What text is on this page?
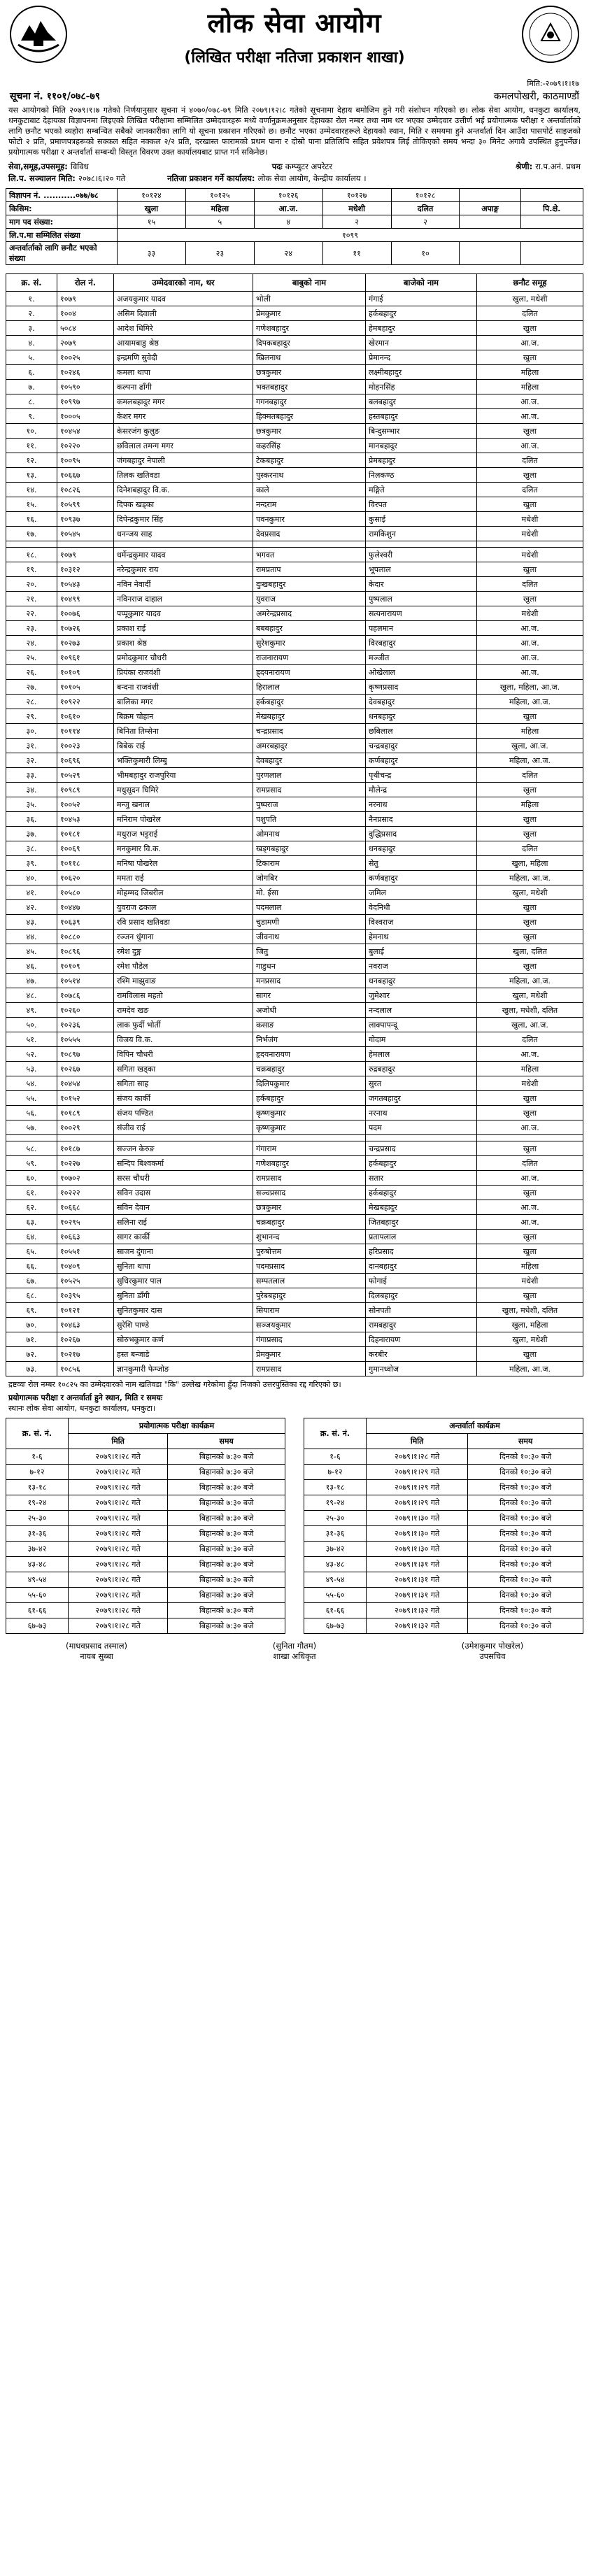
लोक सेवा आयोग
(लिखित परीक्षा नतिजा प्रकाशन शाखा)
मिति:-२०७९।१।१७
सूचना नं. ११०१/०७८-७९	कमलपोखरी, काठमाण्डौं
यस आयोगको मिति २०७९।१।७ गतेको निर्णयानुसार सूचना नं ४०७०/०७८-७९ मिति २०७९।१२।८ गतेको सूचनामा देहाय बमोजिम हुने गरी संशोधन गरिएको छ। लोक सेवा आयोग, धनकुटा कार्यालय, धनकुटाबाट देहायका विज्ञापनमा लिइएको लिखित परीक्षामा सम्मिलित उम्मेदवारहरू मध्ये वर्णानुक्रमअनुसार देहायका रोल नम्बर तथा नाम थर भएका उम्मेदवार उत्तीर्ण भई प्रयोगात्मक परीक्षा र अन्तर्वार्ताको लागि छनौट भएको व्यहोरा सम्बन्धित सबैको जानकारीका लागि यो सूचना प्रकाशन गरिएको छ। छनौट भएका उम्मेदवारहरूले देहायको स्थान, मिति र समयमा हुने अन्तर्वार्ता दिन आउँदा पासपोर्ट साइजको फोटो २ प्रति, प्रमाणपत्रहरूको सक्कल सहित नक्कल २/२ प्रति, दरखास्त फारामको प्रथम पाना र दोस्रो पाना प्रतिलिपि सहित प्रवेशपत्र लिई तोकिएको समय भन्दा ३० मिनेट अगावै उपस्थित हुनुपर्नेछ। प्रयोगात्मक परीक्षा र अन्तर्वार्ता सम्बन्धी विस्तृत विवरण उक्त कार्यालयबाट प्राप्त गर्न सकिनेछ।
सेवा,समूह,उपसमूह: विविध	पदः कम्प्युटर अपरेटर	श्रेणी: रा.प.अनं. प्रथम
लि.प. सञ्चालन मिति: २०७८।६।२० गते	नतिजा प्रकाशन गर्ने कार्यालय: लोक सेवा आयोग, केन्द्रीय कार्यालय ।
विज्ञापन नं. ...........०७७/७८	१०१२४	१०१२५	१०१२६	१०१२७	१०१२८		
किसिम:	खुला	महिला	आ.ज.	मधेशी	दलित	अपाङ्ग	पि.क्षे.
माग पद संख्या:	१५	५	४	२	२		
लि.प.मा सम्मिलित संख्या	१०९९						
अन्तर्वार्ताको लागि छनौट भएको संख्या	३३	२३	२४	११	१०		
क्र. सं.	रोल नं.	उम्मेदवारको नाम, थर	बाबुको नाम	बाजेको नाम	छनौट समूह
१.	१०७९	अजयकुमार यादव	भोली	गंगाई	खुला, मधेशी
२.	१००४	असिम दिवाली	प्रेमकुमार	हर्कबहादुर	दलित
३.	५०८४	आदेश धिमिरे	गणेशबहादुर	हेमबहादुर	खुला
४.	२०७९	आयामबाडु श्रेष्ठ	दिपकबहादुर	खेरमान	आ.ज.
५.	१००२५	इन्द्रमणि सुवेदी	खिलनाथ	प्रेमानन्द	खुला
६.	१०२४६	कमला थापा	छत्रकुमार	लक्ष्मीबहादुर	महिला
७.	१०५९०	कल्पना ढाँगी	भक्तबहादुर	मोहनसिंह	महिला
८.	१०९९७	कमलबहादुर मगर	गगनबहादुर	बलबहादुर	आ.ज.
९.	१०००५	केशर मगर	हिक्मतबहादुर	हस्तबहादुर	आ.ज.
१०.	१०४५४	केसरजंग कुलुङ	छत्रकुमार	बिन्दुसम्भार	खुला
११.	१०२२०	छविलाल तमन्ग मगर	कहरसिंह	मानबहादुर	आ.ज.
१२.	१००९५	जंगबहादुर नेपाली	टेकबहादुर	प्रेमबहादुर	दलित
१३.	१०६६७	तिलक खतिवडा	पुस्करनाथ	निलकण्ठ	खुला
१४.	१०८२६	दिनेशबहादुर वि.क.	काले	मङ्गिते	दलित
१५.	१०५९९	दिपक खड्का	नन्दराम	विरपत	खुला
१६.	१०९३७	दिपेन्द्रकुमार सिंह	पवनकुमार	कुसाई	मधेशी
१७.	१०५४५	धनन्जय साह	देवप्रसाद	रामकिशुन	मधेशी

१८.	१०७९	धर्मेन्द्रकुमार यादव	भगवत	फुलेश्वरी	मधेशी
१९.	१०३१२	नरेन्द्रकुमार राय	रामप्रताप	भूपलाल	खुला
२०.	१०५४३	नविन नेवार्दी	दुःखबहादुर	केदार	दलित
२१.	१०४९९	नविनराज दाहाल	युवराज	पुष्पलाल	खुला
२२.	१००७६	पप्पूकुमार यादव	अमरेन्द्रप्रसाद	सत्यनारायण	मधेशी
२३.	१०७२६	प्रकाश राई	बबबहादुर	पहलमान	आ.ज.
२४.	१०२७३	प्रकाश श्रेष्ठ	सुरेशकुमार	विरबहादुर	आ.ज.
२५.	१०९६१	प्रमोदकुमार चौधरी	राजनारायण	मञ्जीत	आ.ज.
२६.	१०१०९	प्रियंका राजवंशी	ह्र्दयनारायण	ओखेलाल	आ.ज.
२७.	१०१०५	बन्दना राजवंशी	हिरालाल	कृष्णप्रसाद	खुला, महिला, आ.ज.
२८.	१०९२२	बालिका मगर	हर्कबहादुर	देवबहादुर	महिला, आ.ज.
२९.	१०६१०	बिक्रम चोहान	मेखबहादुर	धनबहादुर	खुला
३०.	१०११४	बिनिता तिम्सेना	चन्द्रप्रसाद	छबिलाल	महिला
३१.	१००२३	बिबेक राई	अमरबहादुर	चन्द्रबहादुर	खुला, आ.ज.
३२.	१०६९६	भक्तिकुमारी लिम्बु	देवबहादुर	कर्णबहादुर	महिला, आ.ज.
३३.	१०५२९	भीमबहादुर राजपुरिया	पुरणलाल	पृथीचन्द्र	दलित
३४.	१०९८९	मधुसूदन घिमिरे	रामप्रसाद	मौलेन्द्र	खुला
३५.	१००५२	मन्जु खनाल	पुष्पराज	नरनाथ	महिला
३६.	१०४५३	मनिराम पोखरेल	पशुपति	नैनप्रसाद	खुला
३७.	१०१८१	मधुराज भट्टराई	ओमनाथ	वुद्धिप्रसाद	खुला
३८.	१००६९	मनकुमार वि.क.	खड्गबहादुर	धनबहादुर	दलित
३९.	१०११८	मनिषा पोखरेल	टिकाराम	सेतु	खुला, महिला
४०.	१०६२०	ममता राई	जोगबिर	कर्णबहादुर	महिला, आ.ज.
४१.	१०५८०	मोहम्मद जिबरील	मो. ईसा	जमिल	खुला, मधेशी
४२.	१०४४७	युवराज ढकाल	पदमलाल	वेदनिधी	खुला
४३.	१०६३९	रवि प्रसाद खतिवडा	चुडामणी	विश्वराज	खुला
४४.	१०८८०	रञ्जन धुंगाना	जीवनाथ	हेमनाथ	खुला
४५.	१०८९६	रमेश दुङ्ग	जितु	बुलाई	खुला, दलित
४६.	१०१०९	रमेश पौडेल	गाडुधन	नवराज	खुला
४७.	१०५१४	रश्मि माझुवाङ	मनप्रसाद	धनबहादुर	महिला, आ.ज.
४८.	१०७८६	रामविलास महतो	सागर	जुमेश्वर	खुला, मधेशी
४९.	१०२६०	रामदेव खङ	अजोधी	नन्दलाल	खुला, मधेशी, दलित
५०.	१०२३६	लाक फुर्दी भोर्ती	कसाङ	लाक्पापन्दू	खुला, आ.ज.
५१.	१०५५५	विजय वि.क.	निर्भजंग	गोदाम	दलित
५२.	१०८९७	विपिन चौधरी	हृदयनारायण	हेमलाल	आ.ज.
५३.	१०२६७	सगिता खड्का	चक्रबहादुर	रुद्रबहादुर	महिला
५४.	१०४५४	सगिता साह	दिलिपकुमार	सुरत	मधेशी
५५.	१०१५२	संजय कार्की	हर्कबहादुर	जगतबहादुर	खुला
५६.	१०१८९	संजय पण्डित	कृष्णकुमार	नरनाथ	खुला
५७.	१००२९	संजीव राई	कृष्णकुमार	पदम	आ.ज.

५८.	१०१८७	सज्जन केरुङ	गंगाराम	चन्द्रप्रसाद	खुला
५९.	१०२२७	सन्दिप बिश्वकर्मा	गणेशबहादुर	हर्कबहादुर	दलित
६०.	१०७०२	सरस चौधरी	रामप्रसाद	सतार	आ.ज.
६१.	१०२२२	सविन उदास	सञ्चप्रसाद	हर्कबहादुर	खुला
६२.	१०६६८	सविन देवान	छत्रकुमार	मेखबहादुर	आ.ज.
६३.	१०२९५	सलिना राई	चक्रबहादुर	जितबहादुर	आ.ज.
६४.	१०६६३	सागर कार्की	शुभानन्द	प्रतापलाल	खुला
६५.	१०५५१	साजन दुंगाना	पुरुषोत्तम	हरिप्रसाद	खुला
६६.	१०४०९	सुनिता थापा	पदमप्रसाद	दानबहादुर	महिला
६७.	१०५२५	सुधिरकुमार पाल	सम्पतलाल	फोगाई	मधेशी
६८.	१०३९५	सुनिता डाँगी	पुरेबबहादुर	दिलबहादुर	खुला
६९.	१०१२१	सुनितकुमार दास	सियाराम	सोनपती	खुला, मधेशी, दलित
७०.	१०४६३	सुरेशि पाण्डे	सञ्जयकुमार	रामबहादुर	खुला, महिला
७१.	१०२६७	सोरुभकुमार कर्ण	गंगाप्रसाद	दिहनारायण	खुला, मधेशी
७२.	१०२१७	हस्त बन्जाडे	प्रेमकुमार	करबीर	खुला
७३.	१०८५६	ज्ञानकुमारी फेम्जोङ	रामप्रसाद	गुमानध्वोज	महिला, आ.ज.
द्रष्टव्यः रोल नम्बर १०८२५ का उम्मेदवारको नाम खतिवडा "कि" उल्लेख गरेकोमा हुँदा निजको उत्तरपुस्तिका रद्द गरिएको छ।
प्रयोगात्मक परीक्षा र अन्तर्वार्ता हुने स्थान, मिति र समयः
स्थानः लोक सेवा आयोग, धनकुटा कार्यालय, धनकुटा।
क्र. सं. नं.	प्रयोगात्मक परीक्षा कार्यक्रम	
	मिति	समय
१-६	२०७९।१।२८ गते	बिहानको ७:३० बजे
७-१२	२०७९।१।२८ गते	बिहानको ७:३० बजे
१३-१८	२०७९।१।२८ गते	बिहानको ७:३० बजे
१९-२४	२०७९।१।२८ गते	बिहानको ७:३० बजे
२५-३०	२०७९।१।२८ गते	बिहानको ७:३० बजे
३१-३६	२०७९।१।२८ गते	बिहानको ७:३० बजे
३७-४२	२०७९।१।२८ गते	बिहानको ७:३० बजे
४३-४८	२०७९।१।२८ गते	बिहानको ७:३० बजे
४९-५४	२०७९।१।२८ गते	बिहानको ७:३० बजे
५५-६०	२०७९।१।२८ गते	बिहानको ७:३० बजे
६१-६६	२०७९।१।२८ गते	बिहानको ७:३० बजे
६७-७३	२०७९।१।२८ गते	बिहानको ७:३० बजे
क्र. सं. नं.	अन्तर्वार्ता कार्यक्रम	
	मिति	समय
१-६	२०७९।१।२८ गते	दिनको १०:३० बजे
७-१२	२०७९।१।२९ गते	दिनको १०:३० बजे
१३-१८	२०७९।१।२९ गते	दिनको १०:३० बजे
१९-२४	२०७९।१।२९ गते	दिनको १०:३० बजे
२५-३०	२०७९।१।३० गते	दिनको १०:३० बजे
३१-३६	२०७९।१।३० गते	दिनको १०:३० बजे
३७-४२	२०७९।१।३० गते	दिनको १०:३० बजे
४३-४८	२०७९।१।३१ गते	दिनको १०:३० बजे
४९-५४	२०७९।१।३१ गते	दिनको १०:३० बजे
५५-६०	२०७९।१।३१ गते	दिनको १०:३० बजे
६१-६६	२०७९।१।३२ गते	दिनको १०:३० बजे
६७-७३	२०७९।१।३२ गते	दिनको १०:३० बजे
(माधवप्रसाद तस्माल)
नायब सुब्बा
(सुनिता गौतम)
शाखा अधिकृत
(उमेशकुमार पोखरेल)
उपसचिव
